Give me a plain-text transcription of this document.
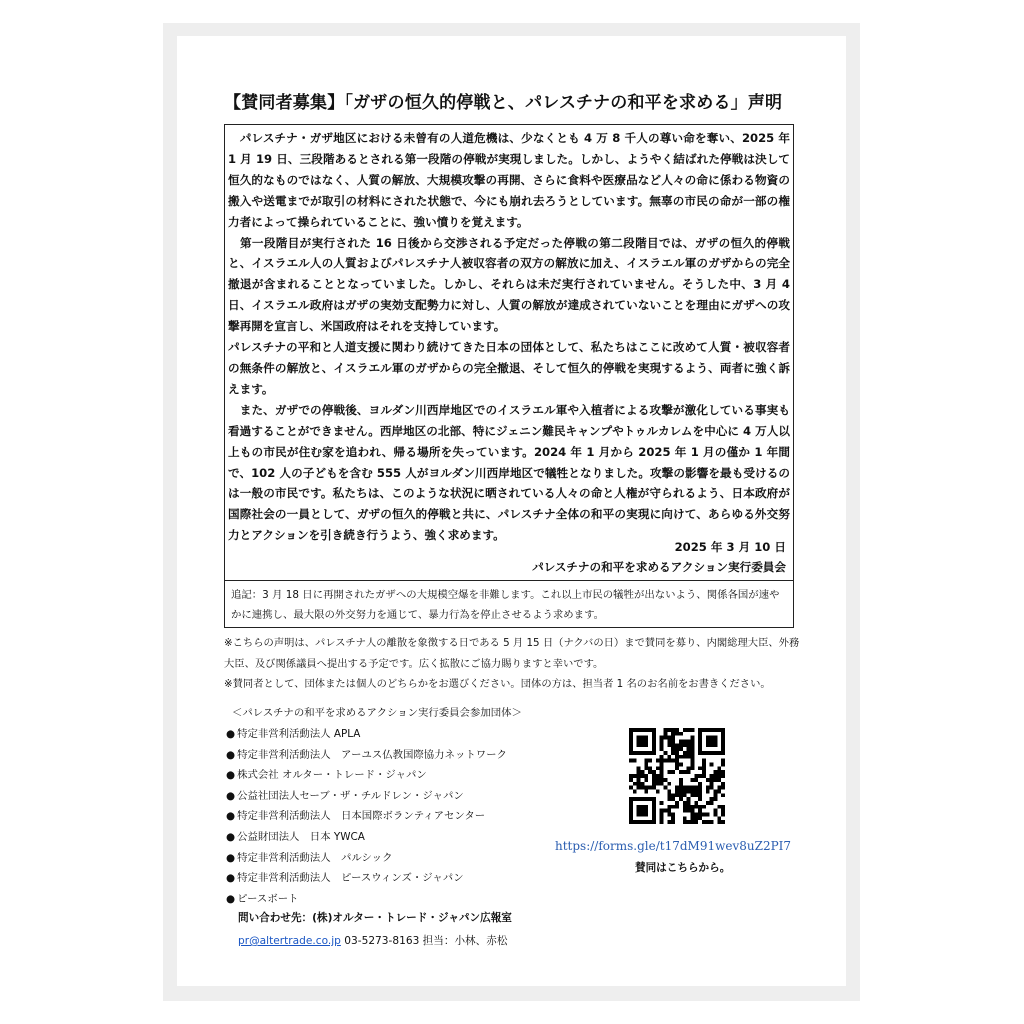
【賛同者募集】「ガザの恒久的停戦と、パレスチナの和平を求める」声明

　パレスチナ・ガザ地区における未曾有の人道危機は、少なくとも 4 万 8 千人の尊い命を奪い、2025 年 1 月 19 日、三段階あるとされる第一段階の停戦が実現しました。しかし、ようやく結ばれた停戦は決して恒久的なものではなく、人質の解放、大規模攻撃の再開、さらに食料や医療品など人々の命に係わる物資の搬入や送電までが取引の材料にされた状態で、今にも崩れ去ろうとしています。無辜の市民の命が一部の権力者によって操られていることに、強い憤りを覚えます。

　第一段階目が実行された 16 日後から交渉される予定だった停戦の第二段階目では、ガザの恒久的停戦と、イスラエル人の人質およびパレスチナ人被収容者の双方の解放に加え、イスラエル軍のガザからの完全撤退が含まれることとなっていました。しかし、それらは未だ実行されていません。そうした中、3 月 4 日、イスラエル政府はガザの実効支配勢力に対し、人質の解放が達成されていないことを理由にガザへの攻撃再開を宣言し、米国政府はそれを支持しています。

パレスチナの平和と人道支援に関わり続けてきた日本の団体として、私たちはここに改めて人質・被収容者の無条件の解放と、イスラエル軍のガザからの完全撤退、そして恒久的停戦を実現するよう、両者に強く訴えます。

　また、ガザでの停戦後、ヨルダン川西岸地区でのイスラエル軍や入植者による攻撃が激化している事実も看過することができません。西岸地区の北部、特にジェニン難民キャンプやトゥルカレムを中心に 4 万人以上もの市民が住む家を追われ、帰る場所を失っています。2024 年 1 月から 2025 年 1 月の僅か 1 年間で、102 人の子どもを含む 555 人がヨルダン川西岸地区で犠牲となりました。攻撃の影響を最も受けるのは一般の市民です。私たちは、このような状況に晒されている人々の命と人権が守られるよう、日本政府が国際社会の一員として、ガザの恒久的停戦と共に、パレスチナ全体の和平の実現に向けて、あらゆる外交努力とアクションを引き続き行うよう、強く求めます。

2025 年 3 月 10 日
パレスチナの和平を求めるアクション実行委員会
追記：3 月 18 日に再開されたガザへの大規模空爆を非難します。これ以上市民の犠牲が出ないよう、関係各国が速やかに連携し、最大限の外交努力を通じて、暴力行為を停止させるよう求めます。

※こちらの声明は、パレスチナ人の離散を象徴する日である 5 月 15 日（ナクバの日）まで賛同を募り、内閣総理大臣、外務大臣、及び関係議員へ提出する予定です。広く拡散にご協力賜りますと幸いです。

※賛同者として、団体または個人のどちらかをお選びください。団体の方は、担当者 1 名のお名前をお書きください。

＜パレスチナの和平を求めるアクション実行委員会参加団体＞
● 特定非営利活動法人 APLA
● 特定非営利活動法人　アーユス仏教国際協力ネットワーク
● 株式会社 オルター・トレード・ジャパン
● 公益社団法人セーブ・ザ・チルドレン・ジャパン
● 特定非営利活動法人　日本国際ボランティアセンター
● 公益財団法人　日本 YWCA
● 特定非営利活動法人　パルシック
● 特定非営利活動法人　ピースウィンズ・ジャパン
● ピースボート
https://forms.gle/t17dM91wev8uZ2PI7
賛同はこちらから。
問い合わせ先：(株)オルター・トレード・ジャパン広報室
pr@altertrade.co.jp 03-5273-8163 担当：小林、赤松
